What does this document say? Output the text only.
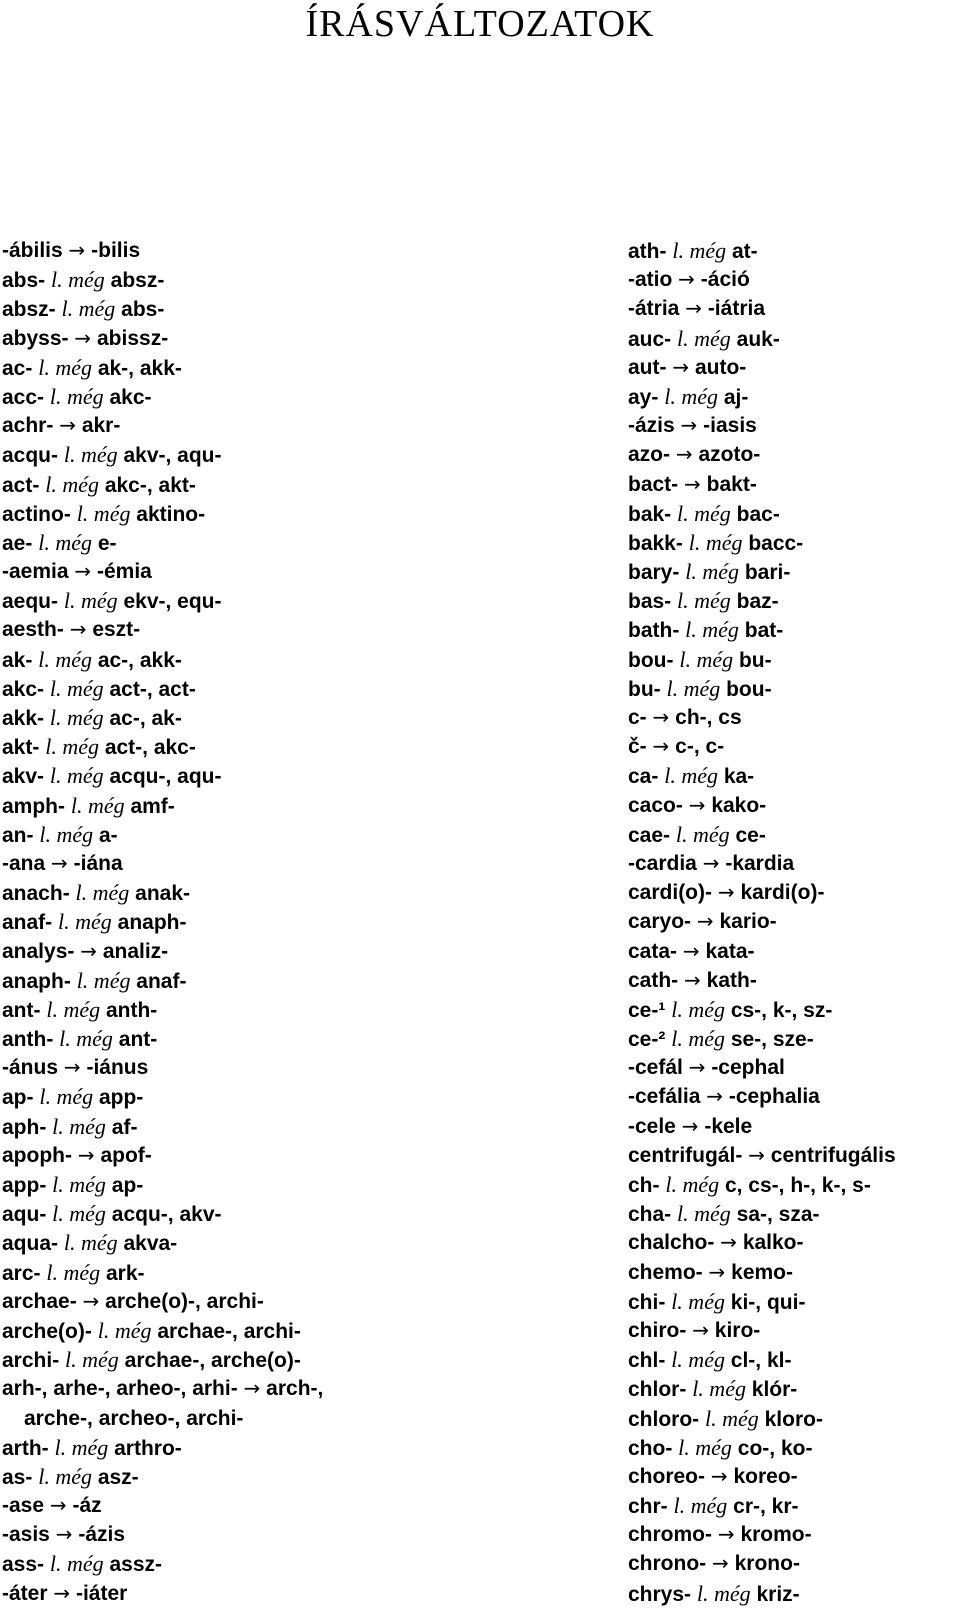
ÍRÁSVÁLTOZATOK
-ábilis → -bilis
abs- l. még absz-
absz- l. még abs-
abyss- → abissz-
ac- l. még ak-, akk-
acc- l. még akc-
achr- → akr-
acqu- l. még akv-, aqu-
act- l. még akc-, akt-
actino- l. még aktino-
ae- l. még e-
-aemia → -émia
aequ- l. még ekv-, equ-
aesth- → eszt-
ak- l. még ac-, akk-
akc- l. még act-, act-
akk- l. még ac-, ak-
akt- l. még act-, akc-
akv- l. még acqu-, aqu-
amph- l. még amf-
an- l. még a-
-ana → -iána
anach- l. még anak-
anaf- l. még anaph-
analys- → analiz-
anaph- l. még anaf-
ant- l. még anth-
anth- l. még ant-
-ánus → -iánus
ap- l. még app-
aph- l. még af-
apoph- → apof-
app- l. még ap-
aqu- l. még acqu-, akv-
aqua- l. még akva-
arc- l. még ark-
archae- → arche(o)-, archi-
arche(o)- l. még archae-, archi-
archi- l. még archae-, arche(o)-
arh-, arhe-, arheo-, arhi- → arch-,
arche-, archeo-, archi-
arth- l. még arthro-
as- l. még asz-
-ase → -áz
-asis → -ázis
ass- l. még assz-
-áter → -iáter
ath- l. még at-
-atio → -áció
-átria → -iátria
auc- l. még auk-
aut- → auto-
ay- l. még aj-
-ázis → -iasis
azo- → azoto-
bact- → bakt-
bak- l. még bac-
bakk- l. még bacc-
bary- l. még bari-
bas- l. még baz-
bath- l. még bat-
bou- l. még bu-
bu- l. még bou-
c- → ch-, cs
č- → c-, c-
ca- l. még ka-
caco- → kako-
cae- l. még ce-
-cardia → -kardia
cardi(o)- → kardi(o)-
caryo- → kario-
cata- → kata-
cath- → kath-
ce-¹ l. még cs-, k-, sz-
ce-² l. még se-, sze-
-cefál → -cephal
-cefália → -cephalia
-cele → -kele
centrifugál- → centrifugális
ch- l. még c, cs-, h-, k-, s-
cha- l. még sa-, sza-
chalcho- → kalko-
chemo- → kemo-
chi- l. még ki-, qui-
chiro- → kiro-
chl- l. még cl-, kl-
chlor- l. még klór-
chloro- l. még kloro-
cho- l. még co-, ko-
choreo- → koreo-
chr- l. még cr-, kr-
chromo- → kromo-
chrono- → krono-
chrys- l. még kriz-
